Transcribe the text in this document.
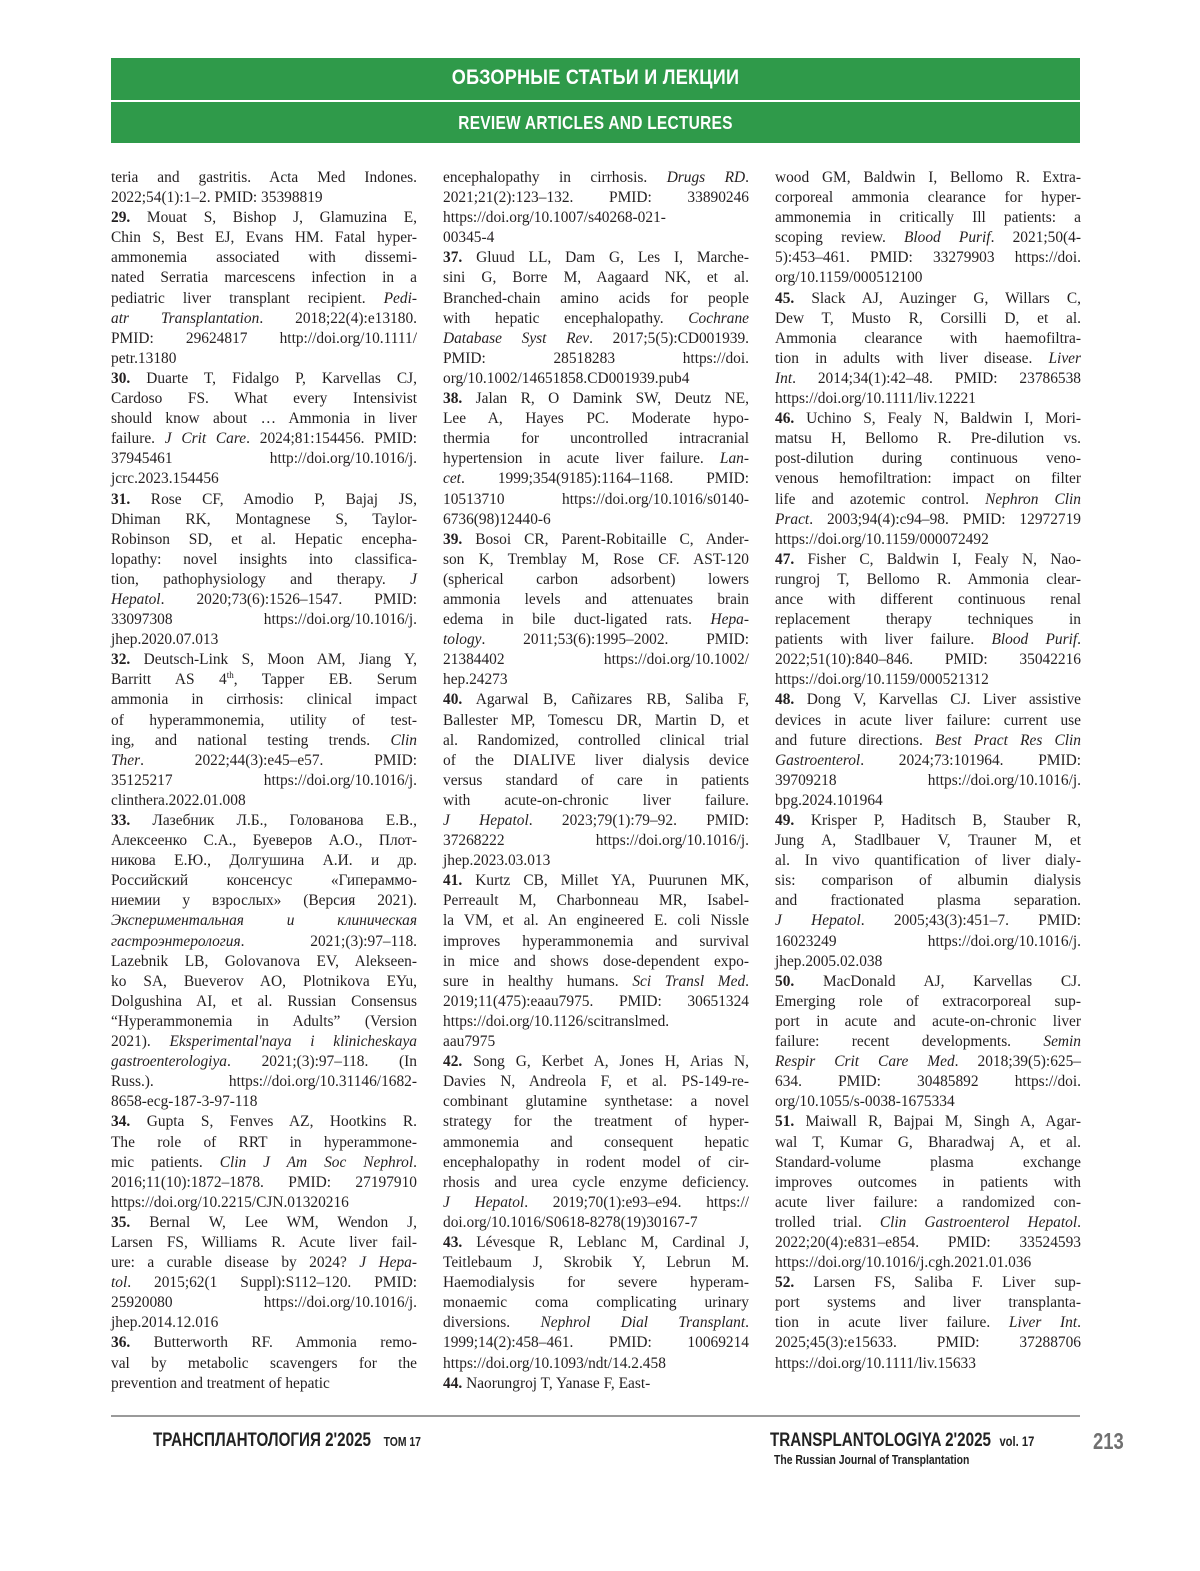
ОБЗОРНЫЕ СТАТЬИ И ЛЕКЦИИ
REVIEW ARTICLES AND LECTURES
teria and gastritis. Acta Med Indones.
2022;54(1):1–2. PMID: 35398819
29. Mouat S, Bishop J, Glamuzina E,
Chin S, Best EJ, Evans HM. Fatal hyper-
ammonemia associated with dissemi-
nated Serratia marcescens infection in a
pediatric liver transplant recipient. Pedi-
atr Transplantation. 2018;22(4):e13180.
PMID: 29624817 http://doi.org/10.1111/
petr.13180
30. Duarte T, Fidalgo P, Karvellas CJ,
Cardoso FS. What every Intensivist
should know about … Ammonia in liver
failure. J Crit Care. 2024;81:154456. PMID:
37945461 http://doi.org/10.1016/j.
jcrc.2023.154456
31. Rose CF, Amodio P, Bajaj JS,
Dhiman RK, Montagnese S, Taylor-
Robinson SD, et al. Hepatic encepha-
lopathy: novel insights into classifica-
tion, pathophysiology and therapy. J
Hepatol. 2020;73(6):1526–1547. PMID:
33097308 https://doi.org/10.1016/j.
jhep.2020.07.013
32. Deutsch-Link S, Moon AM, Jiang Y,
Barritt AS 4th, Tapper EB. Serum
ammonia in cirrhosis: clinical impact
of hyperammonemia, utility of test-
ing, and national testing trends. Clin
Ther. 2022;44(3):e45–e57. PMID:
35125217 https://doi.org/10.1016/j.
clinthera.2022.01.008
33. Лазебник Л.Б., Голованова Е.В.,
Алексеенко С.А., Буеверов А.О., Плот-
никова Е.Ю., Долгушина А.И. и др.
Российский консенсус «Гипераммо-
ниемии у взрослых» (Версия 2021).
Экспериментальная и клиническая
гастроэнтерология. 2021;(3):97–118.
Lazebnik LB, Golovanova EV, Alekseen-
ko SA, Bueverov AO, Plotnikova EYu,
Dolgushina AI, et al. Russian Consensus
“Hyperammonemia in Adults” (Version
2021). Eksperimental'naya i klinicheskaya
gastroenterologiya. 2021;(3):97–118. (In
Russ.). https://doi.org/10.31146/1682-
8658-ecg-187-3-97-118
34. Gupta S, Fenves AZ, Hootkins R.
The role of RRT in hyperammone-
mic patients. Clin J Am Soc Nephrol.
2016;11(10):1872–1878. PMID: 27197910
https://doi.org/10.2215/CJN.01320216
35. Bernal W, Lee WM, Wendon J,
Larsen FS, Williams R. Acute liver fail-
ure: a curable disease by 2024? J Hepa-
tol. 2015;62(1 Suppl):S112–120. PMID:
25920080 https://doi.org/10.1016/j.
jhep.2014.12.016
36. Butterworth RF. Ammonia remo-
val by metabolic scavengers for the
prevention and treatment of hepatic
encephalopathy in cirrhosis. Drugs RD.
2021;21(2):123–132. PMID: 33890246
https://doi.org/10.1007/s40268-021-
00345-4
37. Gluud LL, Dam G, Les I, Marche-
sini G, Borre M, Aagaard NK, et al.
Branched-chain amino acids for people
with hepatic encephalopathy. Cochrane
Database Syst Rev. 2017;5(5):CD001939.
PMID: 28518283 https://doi.
org/10.1002/14651858.CD001939.pub4
38. Jalan R, O Damink SW, Deutz NE,
Lee A, Hayes PC. Moderate hypo-
thermia for uncontrolled intracranial
hypertension in acute liver failure. Lan-
cet. 1999;354(9185):1164–1168. PMID:
10513710 https://doi.org/10.1016/s0140-
6736(98)12440-6
39. Bosoi CR, Parent-Robitaille C, Ander-
son K, Tremblay M, Rose CF. AST-120
(spherical carbon adsorbent) lowers
ammonia levels and attenuates brain
edema in bile duct-ligated rats. Hepa-
tology. 2011;53(6):1995–2002. PMID:
21384402 https://doi.org/10.1002/
hep.24273
40. Agarwal B, Cañizares RB, Saliba F,
Ballester MP, Tomescu DR, Martin D, et
al. Randomized, controlled clinical trial
of the DIALIVE liver dialysis device
versus standard of care in patients
with acute-on-chronic liver failure.
J Hepatol. 2023;79(1):79–92. PMID:
37268222 https://doi.org/10.1016/j.
jhep.2023.03.013
41. Kurtz CB, Millet YA, Puurunen MK,
Perreault M, Charbonneau MR, Isabel-
la VM, et al. An engineered E. coli Nissle
improves hyperammonemia and survival
in mice and shows dose-dependent expo-
sure in healthy humans. Sci Transl Med.
2019;11(475):eaau7975. PMID: 30651324
https://doi.org/10.1126/scitranslmed.
aau7975
42. Song G, Kerbet A, Jones H, Arias N,
Davies N, Andreola F, et al. PS-149-re-
combinant glutamine synthetase: a novel
strategy for the treatment of hyper-
ammonemia and consequent hepatic
encephalopathy in rodent model of cir-
rhosis and urea cycle enzyme deficiency.
J Hepatol. 2019;70(1):e93–e94. https://
doi.org/10.1016/S0618-8278(19)30167-7
43. Lévesque R, Leblanc M, Cardinal J,
Teitlebaum J, Skrobik Y, Lebrun M.
Haemodialysis for severe hyperam-
monaemic coma complicating urinary
diversions. Nephrol Dial Transplant.
1999;14(2):458–461. PMID: 10069214
https://doi.org/10.1093/ndt/14.2.458
44. Naorungroj T, Yanase F, East-
wood GM, Baldwin I, Bellomo R. Extra-
corporeal ammonia clearance for hyper-
ammonemia in critically Ill patients: a
scoping review. Blood Purif. 2021;50(4-
5):453–461. PMID: 33279903 https://doi.
org/10.1159/000512100
45. Slack AJ, Auzinger G, Willars C,
Dew T, Musto R, Corsilli D, et al.
Ammonia clearance with haemofiltra-
tion in adults with liver disease. Liver
Int. 2014;34(1):42–48. PMID: 23786538
https://doi.org/10.1111/liv.12221
46. Uchino S, Fealy N, Baldwin I, Mori-
matsu H, Bellomo R. Pre-dilution vs.
post-dilution during continuous veno-
venous hemofiltration: impact on filter
life and azotemic control. Nephron Clin
Pract. 2003;94(4):c94–98. PMID: 12972719
https://doi.org/10.1159/000072492
47. Fisher C, Baldwin I, Fealy N, Nao-
rungroj T, Bellomo R. Ammonia clear-
ance with different continuous renal
replacement therapy techniques in
patients with liver failure. Blood Purif.
2022;51(10):840–846. PMID: 35042216
https://doi.org/10.1159/000521312
48. Dong V, Karvellas CJ. Liver assistive
devices in acute liver failure: current use
and future directions. Best Pract Res Clin
Gastroenterol. 2024;73:101964. PMID:
39709218 https://doi.org/10.1016/j.
bpg.2024.101964
49. Krisper P, Haditsch B, Stauber R,
Jung A, Stadlbauer V, Trauner M, et
al. In vivo quantification of liver dialy-
sis: comparison of albumin dialysis
and fractionated plasma separation.
J Hepatol. 2005;43(3):451–7. PMID:
16023249 https://doi.org/10.1016/j.
jhep.2005.02.038
50. MacDonald AJ, Karvellas CJ.
Emerging role of extracorporeal sup-
port in acute and acute-on-chronic liver
failure: recent developments. Semin
Respir Crit Care Med. 2018;39(5):625–
634. PMID: 30485892 https://doi.
org/10.1055/s-0038-1675334
51. Maiwall R, Bajpai M, Singh A, Agar-
wal T, Kumar G, Bharadwaj A, et al.
Standard-volume plasma exchange
improves outcomes in patients with
acute liver failure: a randomized con-
trolled trial. Clin Gastroenterol Hepatol.
2022;20(4):e831–e854. PMID: 33524593
https://doi.org/10.1016/j.cgh.2021.01.036
52. Larsen FS, Saliba F. Liver sup-
port systems and liver transplanta-
tion in acute liver failure. Liver Int.
2025;45(3):e15633. PMID: 37288706
https://doi.org/10.1111/liv.15633
ТРАНСПЛАНТОЛОГИЯ 2'2025 ТОМ 17	TRANSPLANTOLOGIYA 2'2025 vol. 17
The Russian Journal of Transplantation
213
